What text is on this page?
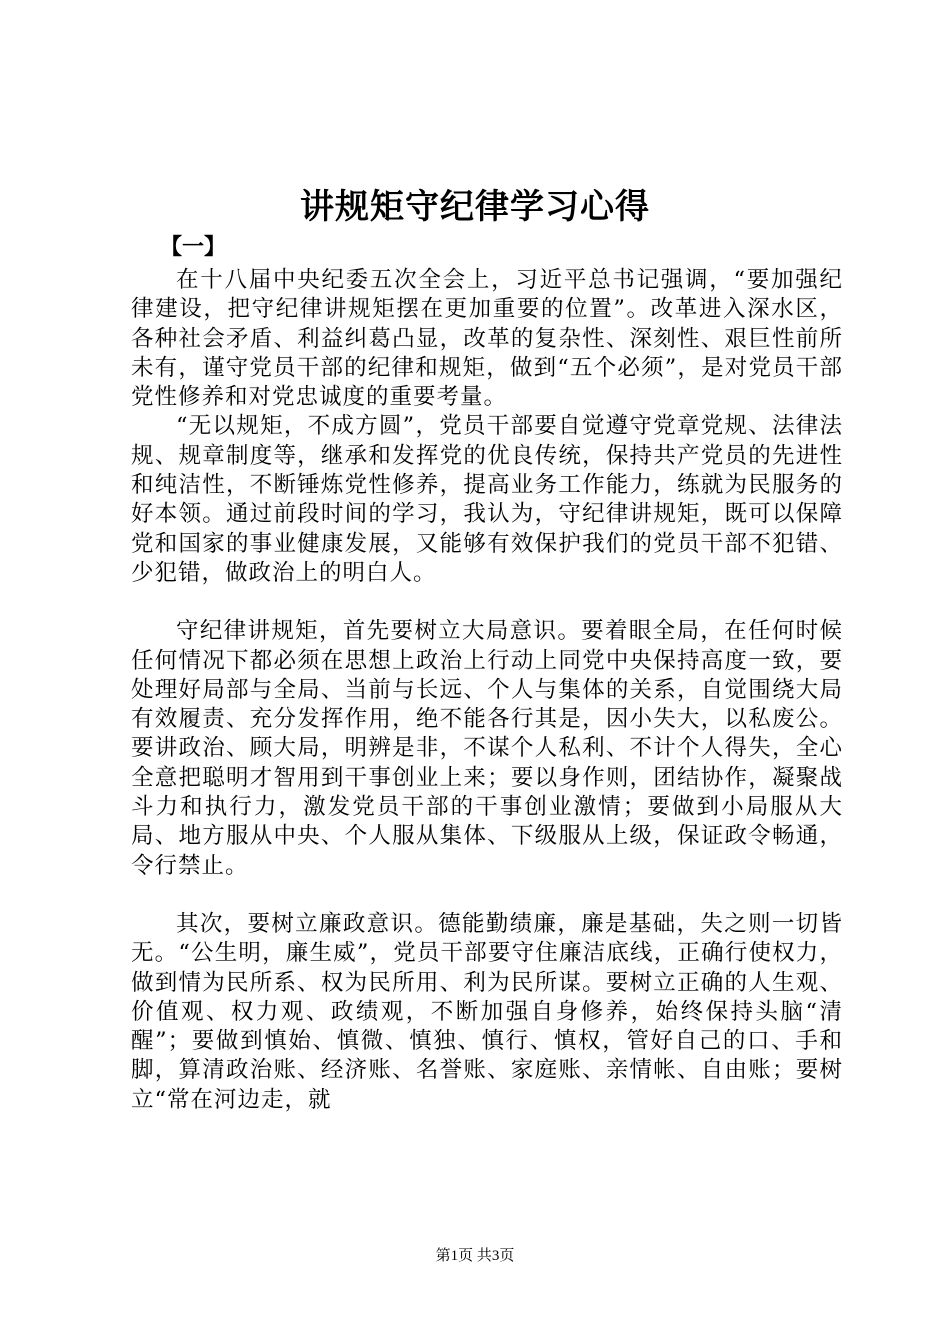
讲规矩守纪律学习心得
【一】

在十八届中央纪委五次全会上，习近平总书记强调，“要加强纪律建设，把守纪律讲规矩摆在更加重要的位置”。改革进入深水区，各种社会矛盾、利益纠葛凸显，改革的复杂性、深刻性、艰巨性前所未有，谨守党员干部的纪律和规矩，做到“五个必须”，是对党员干部党性修养和对党忠诚度的重要考量。

“无以规矩，不成方圆”，党员干部要自觉遵守党章党规、法律法规、规章制度等，继承和发挥党的优良传统，保持共产党员的先进性和纯洁性，不断锤炼党性修养，提高业务工作能力，练就为民服务的好本领。通过前段时间的学习，我认为，守纪律讲规矩，既可以保障党和国家的事业健康发展，又能够有效保护我们的党员干部不犯错、少犯错，做政治上的明白人。

守纪律讲规矩，首先要树立大局意识。要着眼全局，在任何时候任何情况下都必须在思想上政治上行动上同党中央保持高度一致，要处理好局部与全局、当前与长远、个人与集体的关系，自觉围绕大局有效履责、充分发挥作用，绝不能各行其是，因小失大，以私废公。要讲政治、顾大局，明辨是非，不谋个人私利、不计个人得失，全心全意把聪明才智用到干事创业上来；要以身作则，团结协作，凝聚战斗力和执行力，激发党员干部的干事创业激情；要做到小局服从大局、地方服从中央、个人服从集体、下级服从上级，保证政令畅通，令行禁止。

其次，要树立廉政意识。德能勤绩廉，廉是基础，失之则一切皆无。“公生明，廉生威”，党员干部要守住廉洁底线，正确行使权力，做到情为民所系、权为民所用、利为民所谋。要树立正确的人生观、价值观、权力观、政绩观，不断加强自身修养，始终保持头脑“清醒”；要做到慎始、慎微、慎独、慎行、慎权，管好自己的口、手和脚，算清政治账、经济账、名誉账、家庭账、亲情帐、自由账；要树立“常在河边走，就

第1页 共3页
